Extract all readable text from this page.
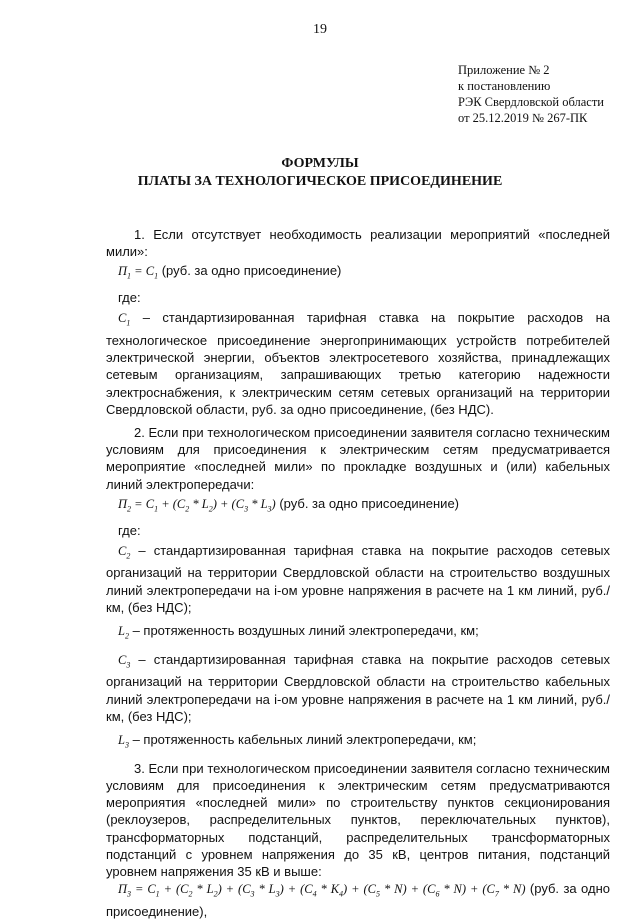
19
Приложение № 2
к постановлению
РЭК Свердловской области
от 25.12.2019 № 267-ПК
ФОРМУЛЫ
ПЛАТЫ ЗА ТЕХНОЛОГИЧЕСКОЕ ПРИСОЕДИНЕНИЕ

1. Если отсутствует необходимость реализации мероприятий «последней мили»:

$П_1 = С_1$ (руб. за одно присоединение)
где:

$С_1$ – стандартизированная тарифная ставка на покрытие расходов на технологическое присоединение энергопринимающих устройств потребителей электрической энергии, объектов электросетевого хозяйства, принадлежащих сетевым организациям, запрашивающих третью категорию надежности электроснабжения, к электрическим сетям сетевых организаций на территории Свердловской области, руб. за одно присоединение, (без НДС).

2. Если при технологическом присоединении заявителя согласно техническим условиям для присоединения к электрическим сетям предусматривается мероприятие «последней мили» по прокладке воздушных и (или) кабельных линий электропередачи:

$П_2 = С_1 + (С_2 * L_2) + (С_3 * L_3)$ (руб. за одно присоединение)
где:

$С_2$ – стандартизированная тарифная ставка на покрытие расходов сетевых организаций на территории Свердловской области на строительство воздушных линий электропередачи на i-ом уровне напряжения в расчете на 1 км линий, руб./км, (без НДС);

$L_2$ – протяженность воздушных линий электропередачи, км;

$С_3$ – стандартизированная тарифная ставка на покрытие расходов сетевых организаций на территории Свердловской области на строительство кабельных линий электропередачи на i-ом уровне напряжения в расчете на 1 км линий, руб./км, (без НДС);

$L_3$ – протяженность кабельных линий электропередачи, км;

3. Если при технологическом присоединении заявителя согласно техническим условиям для присоединения к электрическим сетям предусматриваются мероприятия «последней мили» по строительству пунктов секционирования (реклоузеров, распределительных пунктов, переключательных пунктов), трансформаторных подстанций, распределительных трансформаторных подстанций с уровнем напряжения до 35 кВ, центров питания, подстанций уровнем напряжения 35 кВ и выше:

$П_3 = С_1 + (С_2 * L_2) + (С_3 * L_3) + (С_4 * K_4) + (С_5 * N) + (С_6 * N) + (С_7 * N)$ (руб. за одно присоединение),
